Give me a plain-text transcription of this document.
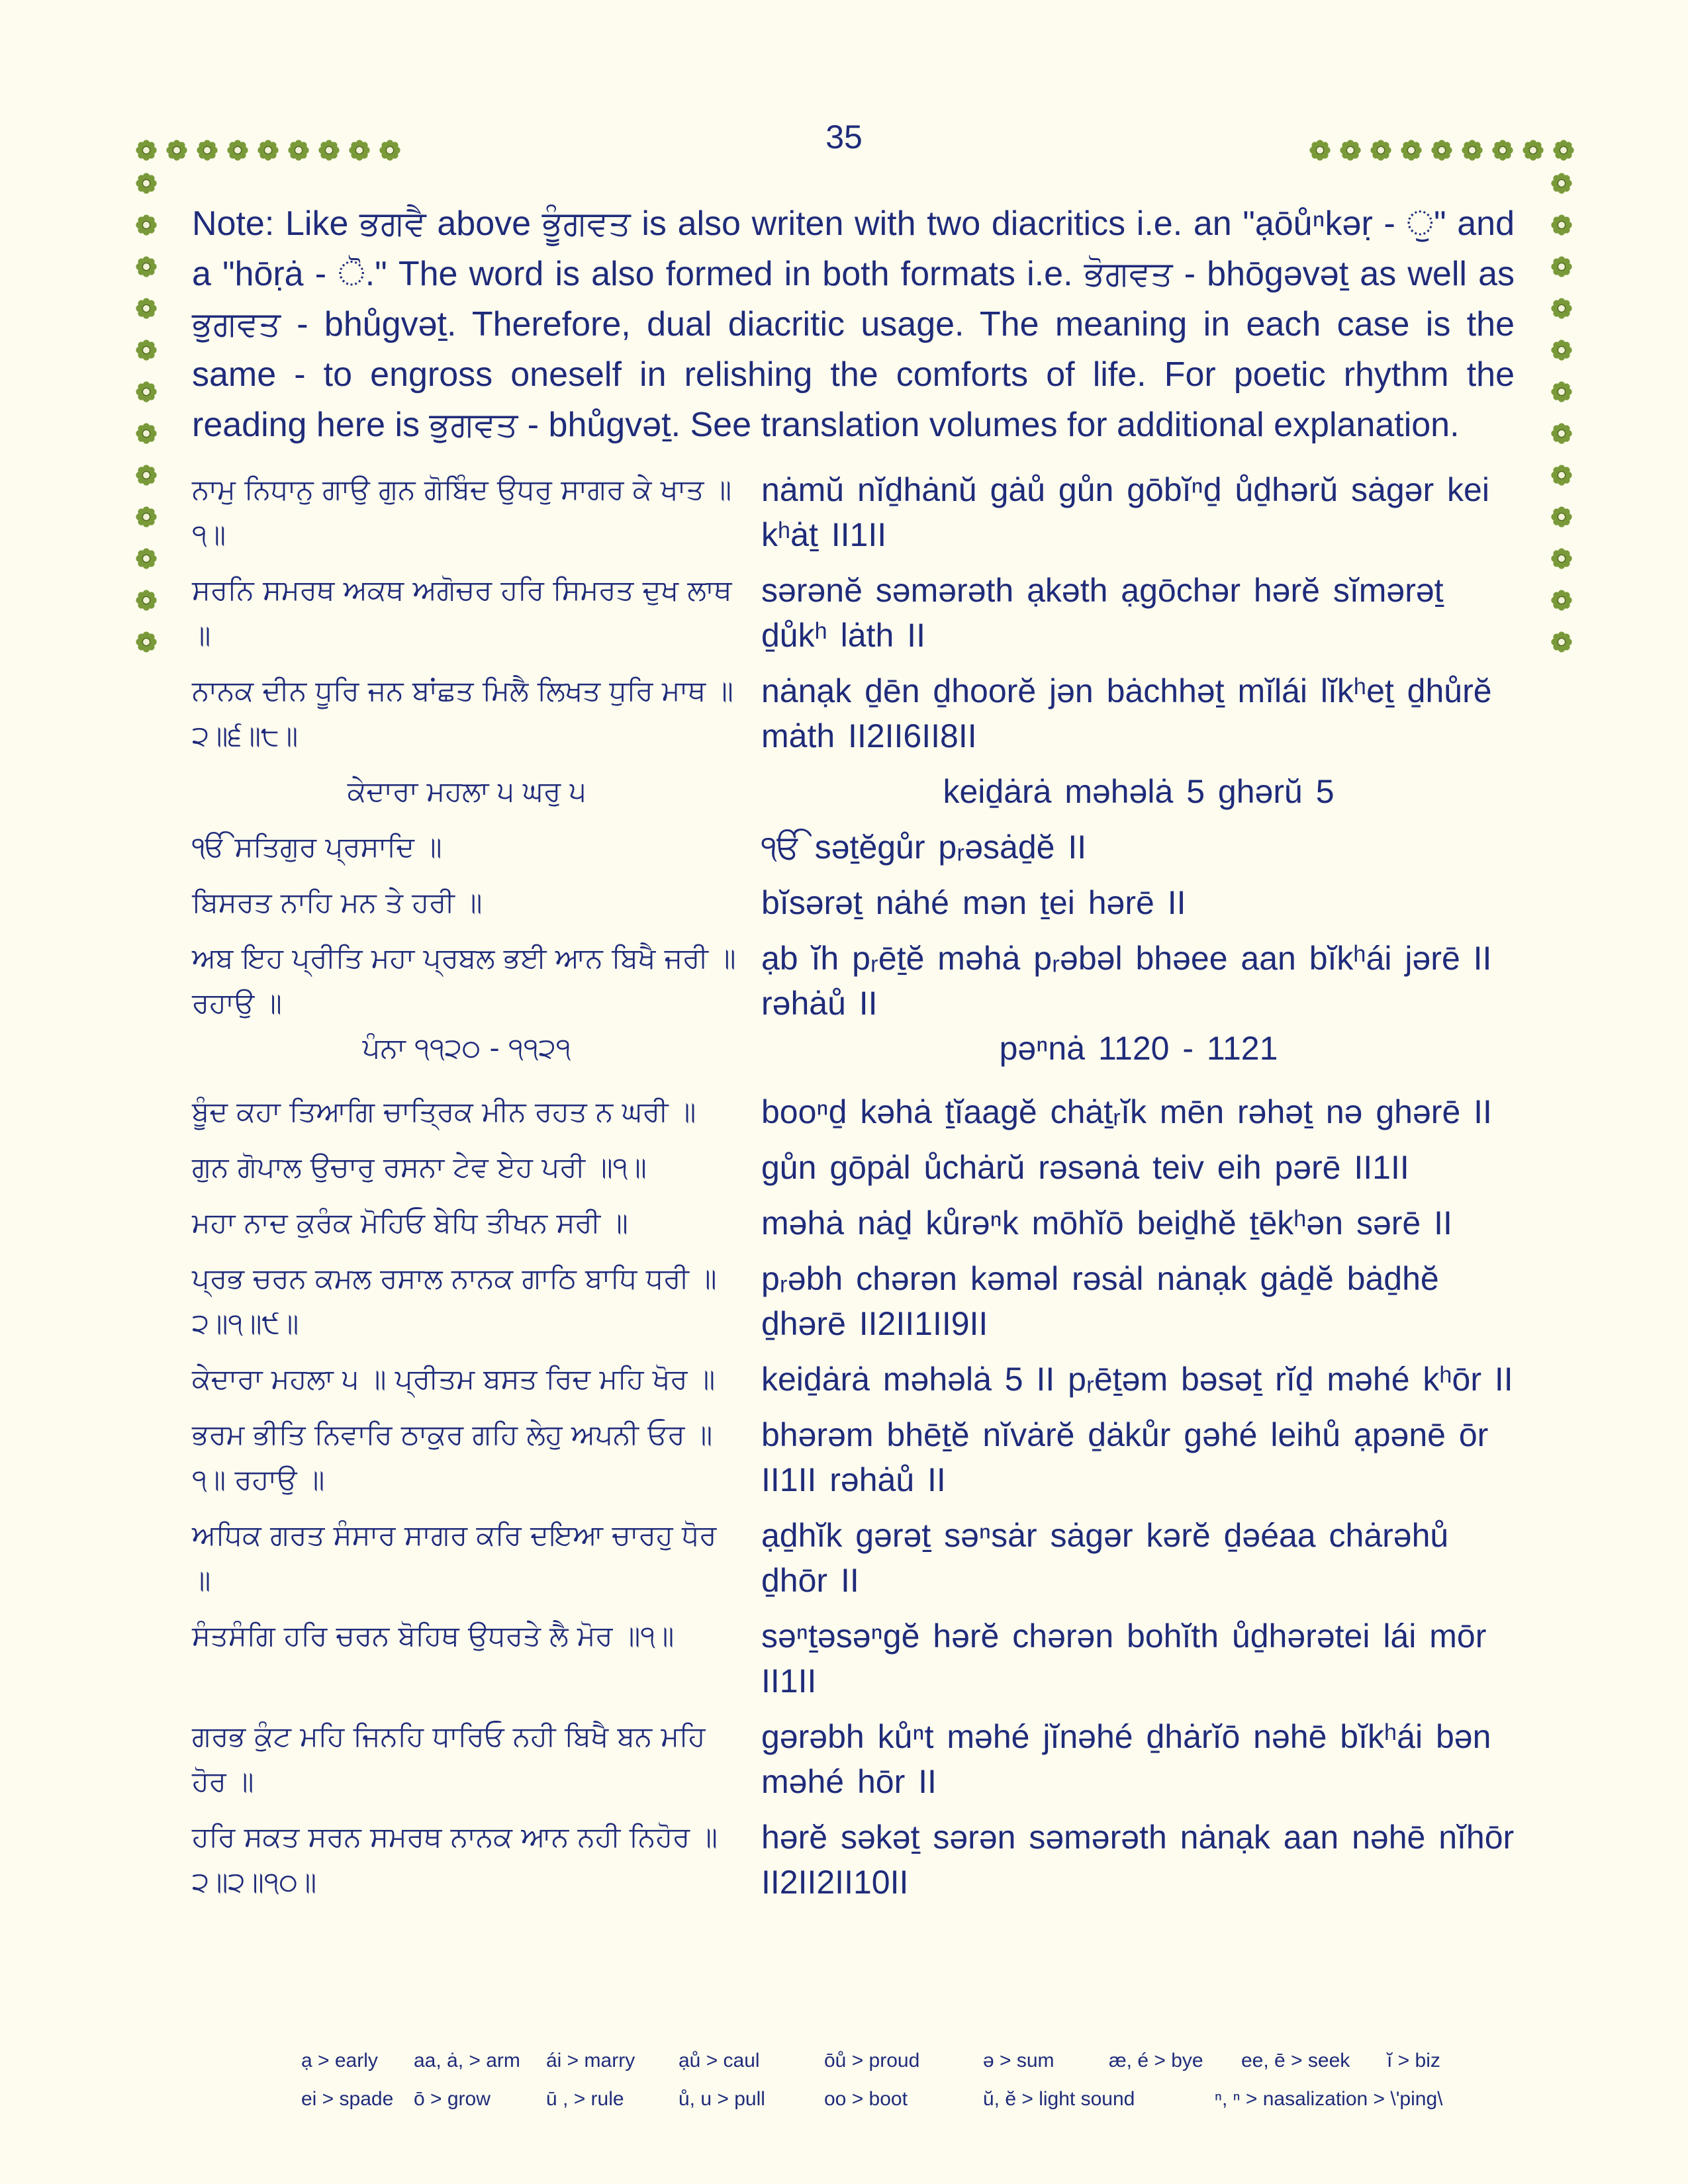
35
Note: Like ਭਗਵੈ above ਭੂੰਗਵਤ is also writen with two diacritics i.e. an "ạōůⁿkəṛ - ੁ" and a "hōṛȧ - ੋ." The word is also formed in both formats i.e. ਭੋਗਵਤ - bhōgəvəṯ as well as ਭੁਗਵਤ - bhůgvəṯ. Therefore, dual diacritic usage. The meaning in each case is the same - to engross oneself in relishing the comforts of life. For poetic rhythm the reading here is ਭੁਗਵਤ - bhůgvəṯ. See translation volumes for additional explanation.
ਨਾਮੁ ਨਿਧਾਨੁ ਗਾਉ ਗੁਨ ਗੋਬਿੰਦ ਉਧਰੁ ਸਾਗਰ ਕੇ ਖਾਤ ॥੧॥
nȧmŭ nĭḏhȧnŭ gȧů gůn gōbĭⁿḏ ůḏhərŭ sȧgər kei kʰȧṯ II1II
ਸਰਨਿ ਸਮਰਥ ਅਕਥ ਅਗੋਚਰ ਹਰਿ ਸਿਮਰਤ ਦੁਖ ਲਾਥ ॥
sərənĕ səmərəth ạkəth ạgōchər hərĕ sĭmərəṯ ḏůkʰ lȧth II
ਨਾਨਕ ਦੀਨ ਧੂਰਿ ਜਨ ਬਾਂਛਤ ਮਿਲੈ ਲਿਖਤ ਧੁਰਿ ਮਾਥ ॥੨॥੬॥੮॥
nȧnạk ḏēn ḏhoorĕ jən bȧchhəṯ mĭlái lĭkʰeṯ ḏhůrĕ mȧth II2II6II8II
ਕੇਦਾਰਾ ਮਹਲਾ ੫ ਘਰੁ ੫	keiḏȧrȧ məhəlȧ 5 ghərŭ 5
ੴ ਸਤਿਗੁਰ ਪ੍ਰਸਾਦਿ ॥	ੴ səṯĕgůr pᵣəsȧḏĕ II
ਬਿਸਰਤ ਨਾਹਿ ਮਨ ਤੇ ਹਰੀ ॥	bĭsərəṯ nȧhé mən ṯei hərē II
ਅਬ ਇਹ ਪ੍ਰੀਤਿ ਮਹਾ ਪ੍ਰਬਲ ਭਈ ਆਨ ਬਿਖੈ ਜਰੀ ॥ ਰਹਾਉ ॥
ạb ĭh pᵣēṯĕ məhȧ pᵣəbəl bhəee aan bĭkʰái jərē II rəhȧů II
ਪੰਨਾ ੧੧੨੦ - ੧੧੨੧	pəⁿnȧ 1120 - 1121
ਬੂੰਦ ਕਹਾ ਤਿਆਗਿ ਚਾਤ੍ਰਿਕ ਮੀਨ ਰਹਤ ਨ ਘਰੀ ॥	booⁿḏ kəhȧ ṯĭaagĕ chȧṯᵣĭk mēn rəhəṯ nə ghərē II
ਗੁਨ ਗੋਪਾਲ ਉਚਾਰੁ ਰਸਨਾ ਟੇਵ ਏਹ ਪਰੀ ॥੧॥	gůn gōpȧl ůchȧrŭ rəsənȧ teiv eih pərē II1II
ਮਹਾ ਨਾਦ ਕੁਰੰਕ ਮੋਹਿਓ ਬੇਧਿ ਤੀਖਨ ਸਰੀ ॥	məhȧ nȧḏ kůrəⁿk mōhĭō beiḏhĕ ṯēkʰən sərē II
ਪ੍ਰਭ ਚਰਨ ਕਮਲ ਰਸਾਲ ਨਾਨਕ ਗਾਠਿ ਬਾਧਿ ਧਰੀ ॥੨॥੧॥੯॥
pᵣəbh chərən kəməl rəsȧl nȧnạk gȧḏĕ bȧḏhĕ ḏhərē II2II1II9II
ਕੇਦਾਰਾ ਮਹਲਾ ੫ ॥ ਪ੍ਰੀਤਮ ਬਸਤ ਰਿਦ ਮਹਿ ਖੋਰ ॥	keiḏȧrȧ məhəlȧ 5 II pᵣēṯəm bəsəṯ rĭḏ məhé kʰōr II
ਭਰਮ ਭੀਤਿ ਨਿਵਾਰਿ ਠਾਕੁਰ ਗਹਿ ਲੇਹੁ ਅਪਨੀ ਓਰ ॥ ੧॥ ਰਹਾਉ ॥
bhərəm bhēṯĕ nĭvȧrĕ ḏȧkůr gəhé leihů ạpənē ōr II1II rəhȧů II
ਅਧਿਕ ਗਰਤ ਸੰਸਾਰ ਸਾਗਰ ਕਰਿ ਦਇਆ ਚਾਰਹੁ ਧੋਰ ॥
ạḏhĭk gərəṯ səⁿsȧr sȧgər kərĕ ḏəéaa chȧrəhů ḏhōr II
ਸੰਤਸੰਗਿ ਹਰਿ ਚਰਨ ਬੋਹਿਥ ਉਧਰਤੇ ਲੈ ਮੋਰ ॥੧॥	səⁿṯəsəⁿgĕ hərĕ chərən bohĭth ůḏhərətei lái mōr II1II
ਗਰਭ ਕੁੰਟ ਮਹਿ ਜਿਨਹਿ ਧਾਰਿਓ ਨਹੀ ਬਿਖੈ ਬਨ ਮਹਿ ਹੋਰ ॥
gərəbh kůⁿt məhé jĭnəhé ḏhȧrĭō nəhē bĭkʰái bən məhé hōr II
ਹਰਿ ਸਕਤ ਸਰਨ ਸਮਰਥ ਨਾਨਕ ਆਨ ਨਹੀ ਨਿਹੋਰ ॥੨॥੨॥੧੦॥
hərĕ səkəṯ sərən səmərəth nȧnạk aan nəhē nĭhōr II2II2II10II
ạ > early	aa, ȧ, > arm	ái > marry	ạů > caul	ōů > proud	ə > sum	æ, é > bye	ee, ē > seek	ĭ > biz
ei > spade	ō > grow	ū , > rule	ů, u > pull	oo > boot	ŭ, ĕ > light sound	ⁿ, ⁿ > nasalization > \'ping\
